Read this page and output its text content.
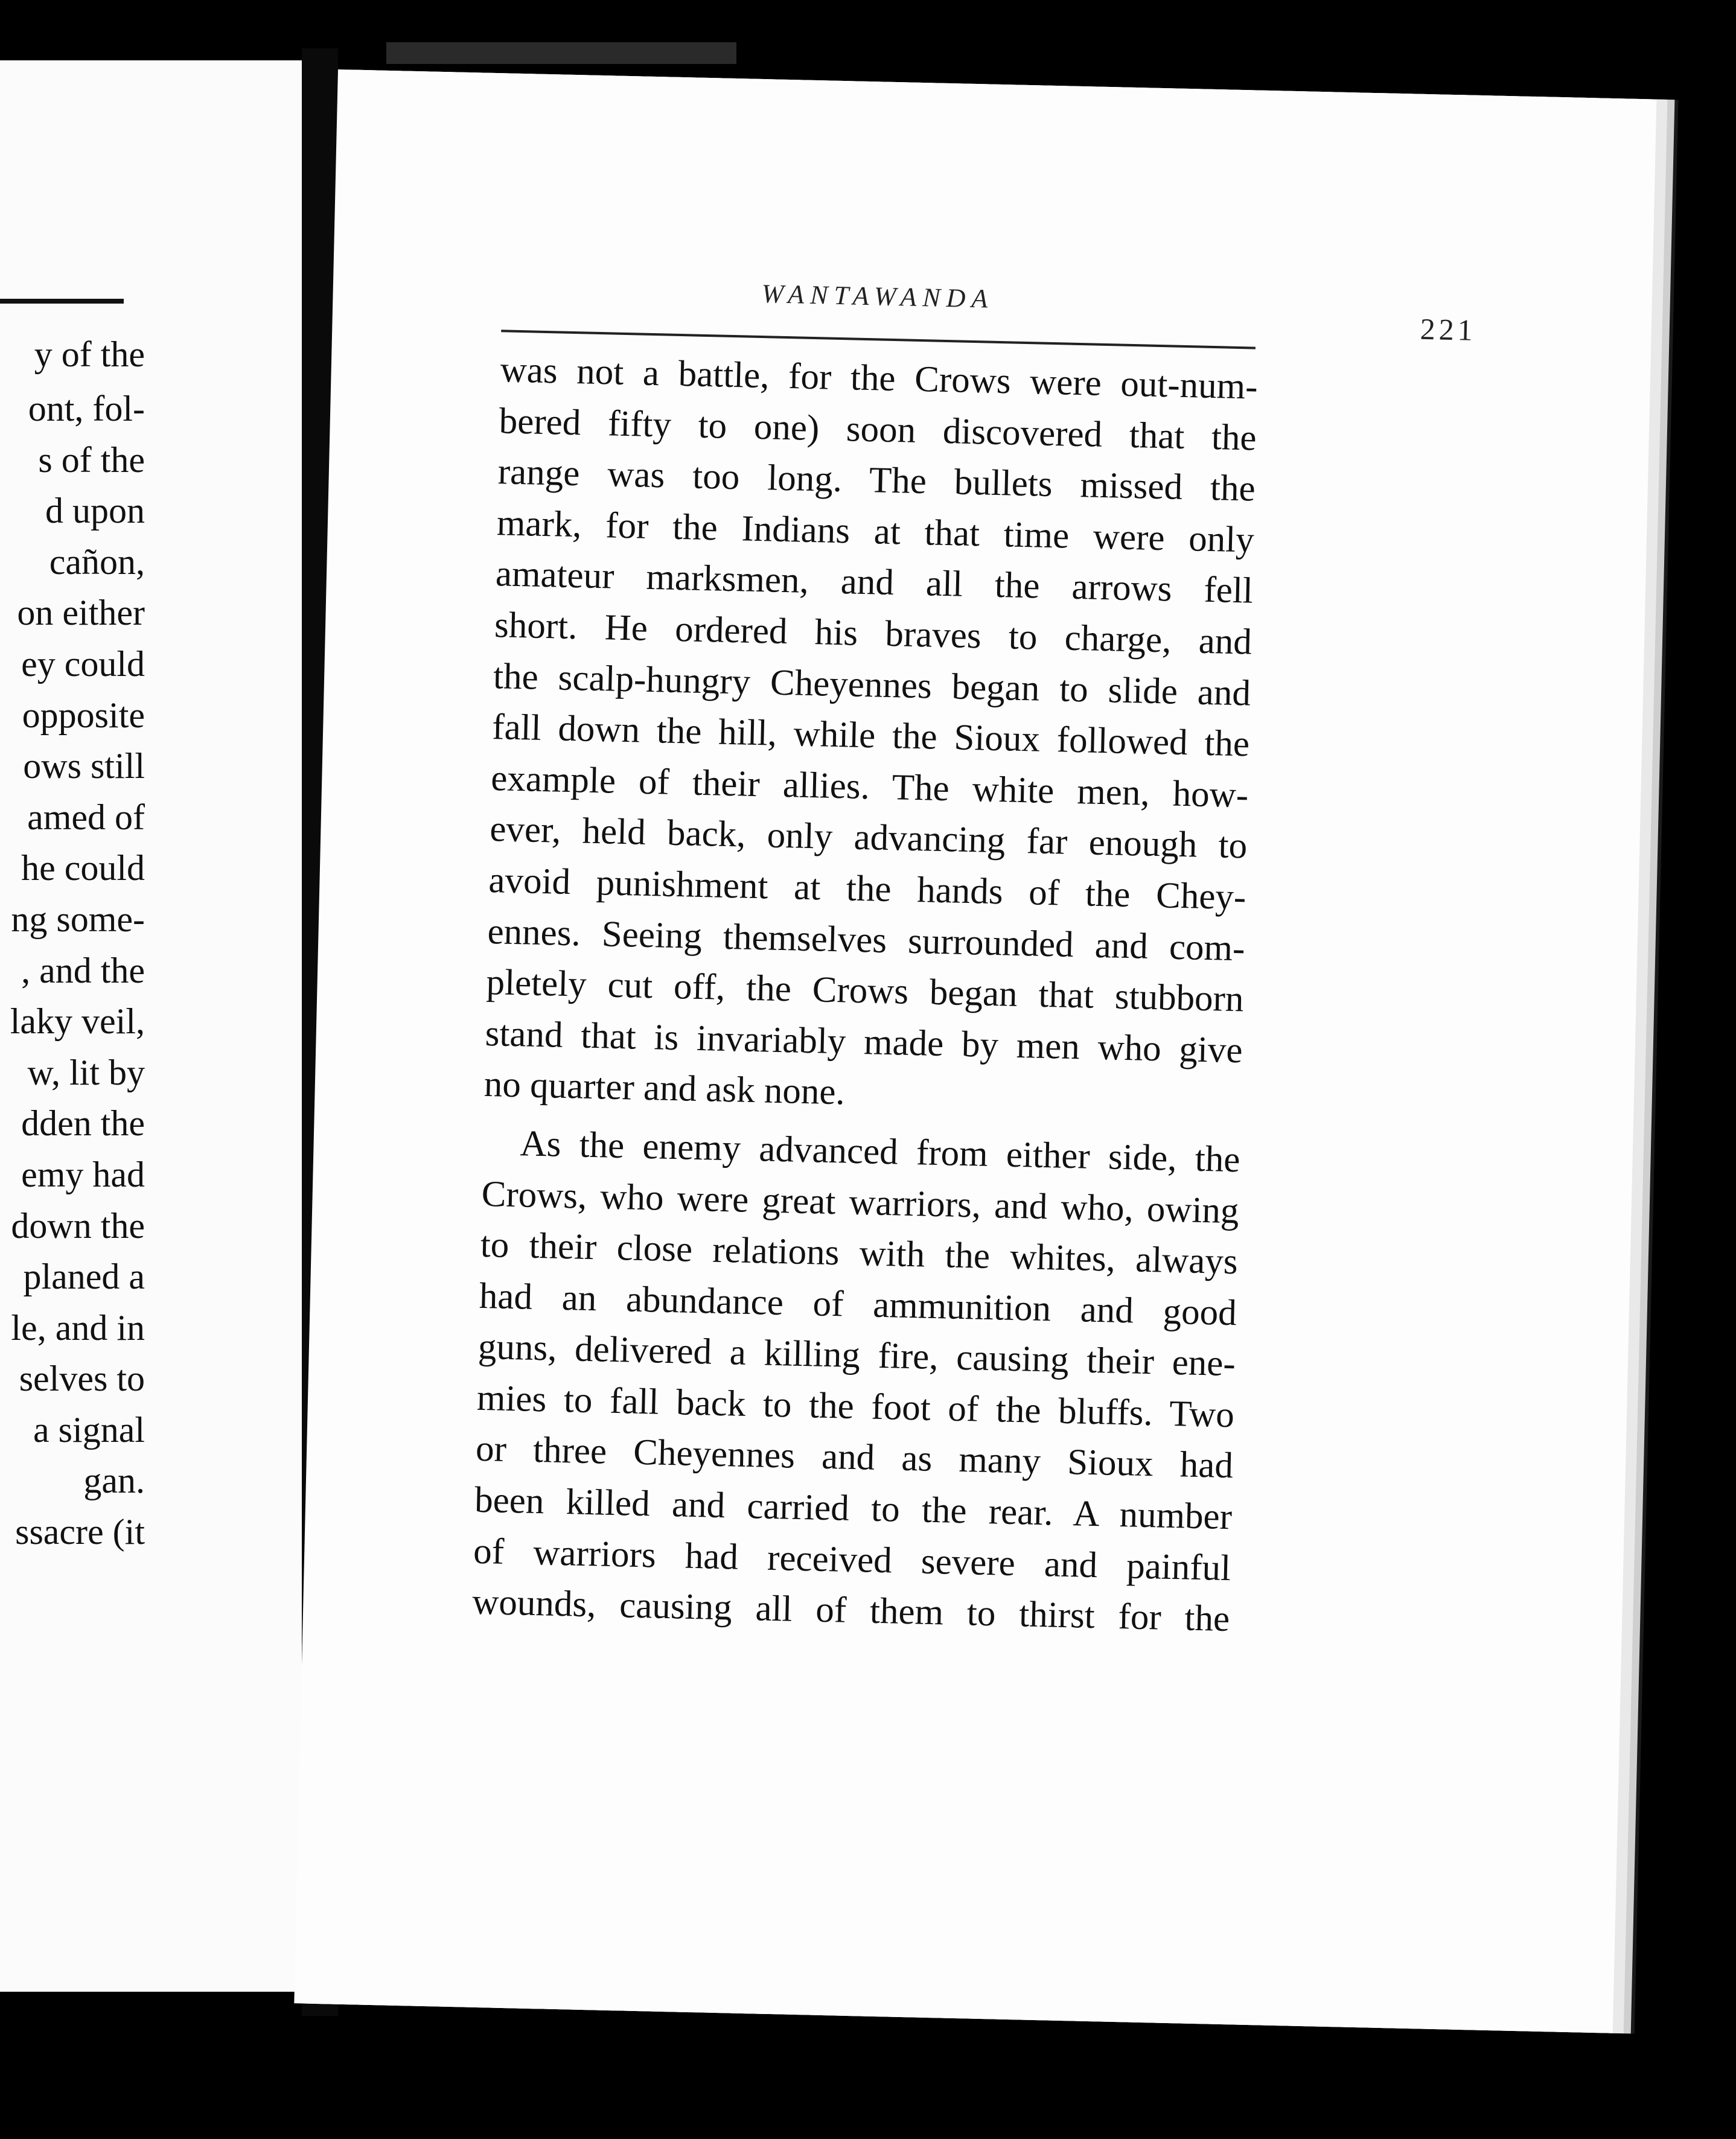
y of the
ont, fol-
s of the
d upon
cañon,
on either
ey could
opposite
ows still
amed of
he could
ng some-
, and the
laky veil,
w, lit by
dden the
emy had
down the
planed a
le, and in
selves to
a signal
gan.
ssacre (it
WANTAWANDA
221
was not a battle, for the Crows were out-num-
bered fifty to one) soon discovered that the
range was too long. The bullets missed the
mark, for the Indians at that time were only
amateur marksmen, and all the arrows fell
short. He ordered his braves to charge, and
the scalp-hungry Cheyennes began to slide and
fall down the hill, while the Sioux followed the
example of their allies. The white men, how-
ever, held back, only advancing far enough to
avoid punishment at the hands of the Chey-
ennes. Seeing themselves surrounded and com-
pletely cut off, the Crows began that stubborn
stand that is invariably made by men who give
no quarter and ask none.
As the enemy advanced from either side, the
Crows, who were great warriors, and who, owing
to their close relations with the whites, always
had an abundance of ammunition and good
guns, delivered a killing fire, causing their ene-
mies to fall back to the foot of the bluffs. Two
or three Cheyennes and as many Sioux had
been killed and carried to the rear. A number
of warriors had received severe and painful
wounds, causing all of them to thirst for the
